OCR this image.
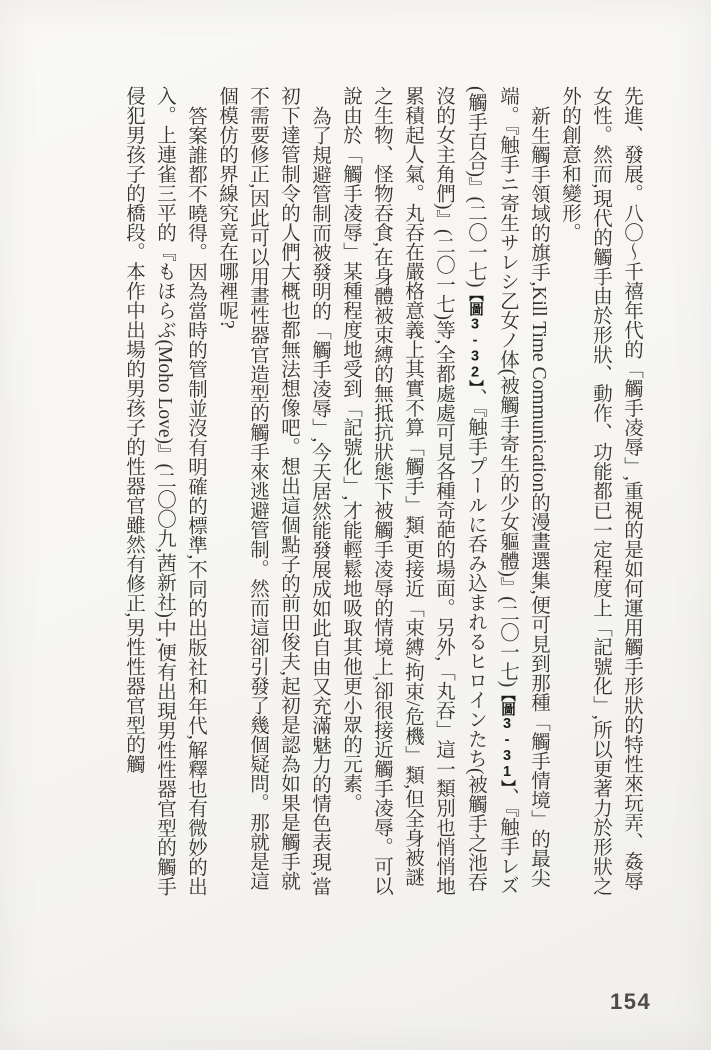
先進、發展。八〇〜千禧年代的「觸手凌辱」,重視的是如何運用觸手形狀的特性來玩弄、姦辱女性。然而,現代的觸手由於形狀、動作、功能都已一定程度上「記號化」,所以更著力於形狀之外的創意和變形。

新生觸手領域的旗手,Kill Time Communication的漫畫選集,便可見到那種「觸手情境」的最尖端。『触手ニ寄生サレシ乙女ノ体(被觸手寄生的少女軀體)』(二〇一七)【圖3-31】、『触手レズ(觸手百合)』(二〇一七)【圖3-32】、『触手プールに呑み込まれるヒロインたち(被觸手之池吞沒的女主角們)』(二〇一七)等,全都處處可見各種奇葩的場面。另外,「丸吞」這一類別也悄悄地累積起人氣。丸吞在嚴格意義上其實不算「觸手」類,更接近「束縛/拘束/危機」類,但全身被謎之生物、怪物吞食,在身體被束縛的無抵抗狀態下被觸手凌辱的情境上,卻很接近觸手凌辱。可以說由於「觸手凌辱」某種程度地受到「記號化」,才能輕鬆地吸取其他更小眾的元素。

為了規避管制而被發明的「觸手凌辱」,今天居然能發展成如此自由又充滿魅力的情色表現,當初下達管制令的人們大概也都無法想像吧。想出這個點子的前田俊夫,起初是認為如果是觸手就不需要修正,因此可以用畫性器官造型的觸手來逃避管制。然而這卻引發了幾個疑問。那就是這個模仿的界線究竟在哪裡呢?

答案誰都不曉得。因為當時的管制並沒有明確的標準,不同的出版社和年代,解釋也有微妙的出入。上連雀三平的『もほらぶ(Moho Love)』(二〇〇九,茜新社)中,便有出現男性性器官型的觸手侵犯男孩子的橋段。本作中出場的男孩子的性器官雖然有修正,男性性器官型的觸

154
